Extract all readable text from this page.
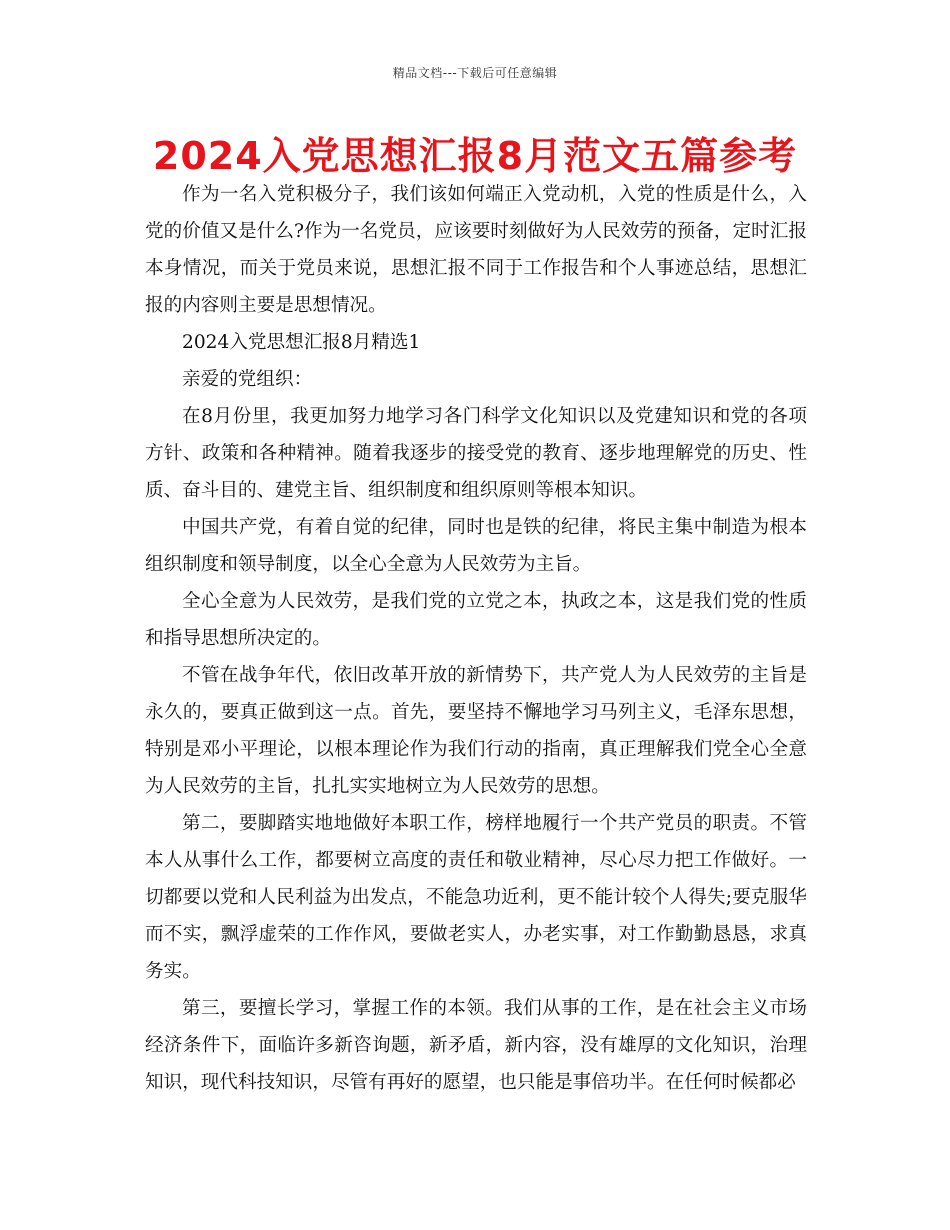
精品文档---下载后可任意编辑
2024入党思想汇报8月范文五篇参考

作为一名入党积极分子，我们该如何端正入党动机，入党的性质是什么，入党的价值又是什么?作为一名党员，应该要时刻做好为人民效劳的预备，定时汇报本身情况，而关于党员来说，思想汇报不同于工作报告和个人事迹总结，思想汇报的内容则主要是思想情况。

2024入党思想汇报8月精选1

亲爱的党组织：

在8月份里，我更加努力地学习各门科学文化知识以及党建知识和党的各项方针、政策和各种精神。随着我逐步的接受党的教育、逐步地理解党的历史、性质、奋斗目的、建党主旨、组织制度和组织原则等根本知识。

中国共产党，有着自觉的纪律，同时也是铁的纪律，将民主集中制造为根本组织制度和领导制度，以全心全意为人民效劳为主旨。

全心全意为人民效劳，是我们党的立党之本，执政之本，这是我们党的性质和指导思想所决定的。

不管在战争年代，依旧改革开放的新情势下，共产党人为人民效劳的主旨是永久的，要真正做到这一点。首先，要坚持不懈地学习马列主义，毛泽东思想，特别是邓小平理论，以根本理论作为我们行动的指南，真正理解我们党全心全意为人民效劳的主旨，扎扎实实地树立为人民效劳的思想。

第二，要脚踏实地地做好本职工作，榜样地履行一个共产党员的职责。不管本人从事什么工作，都要树立高度的责任和敬业精神，尽心尽力把工作做好。一切都要以党和人民利益为出发点，不能急功近利，更不能计较个人得失;要克服华而不实，飘浮虚荣的工作作风，要做老实人，办老实事，对工作勤勤恳恳，求真务实。

第三，要擅长学习，掌握工作的本领。我们从事的工作，是在社会主义市场经济条件下，面临许多新咨询题，新矛盾，新内容，没有雄厚的文化知识，治理知识，现代科技知识，尽管有再好的愿望，也只能是事倍功半。在任何时候都必
